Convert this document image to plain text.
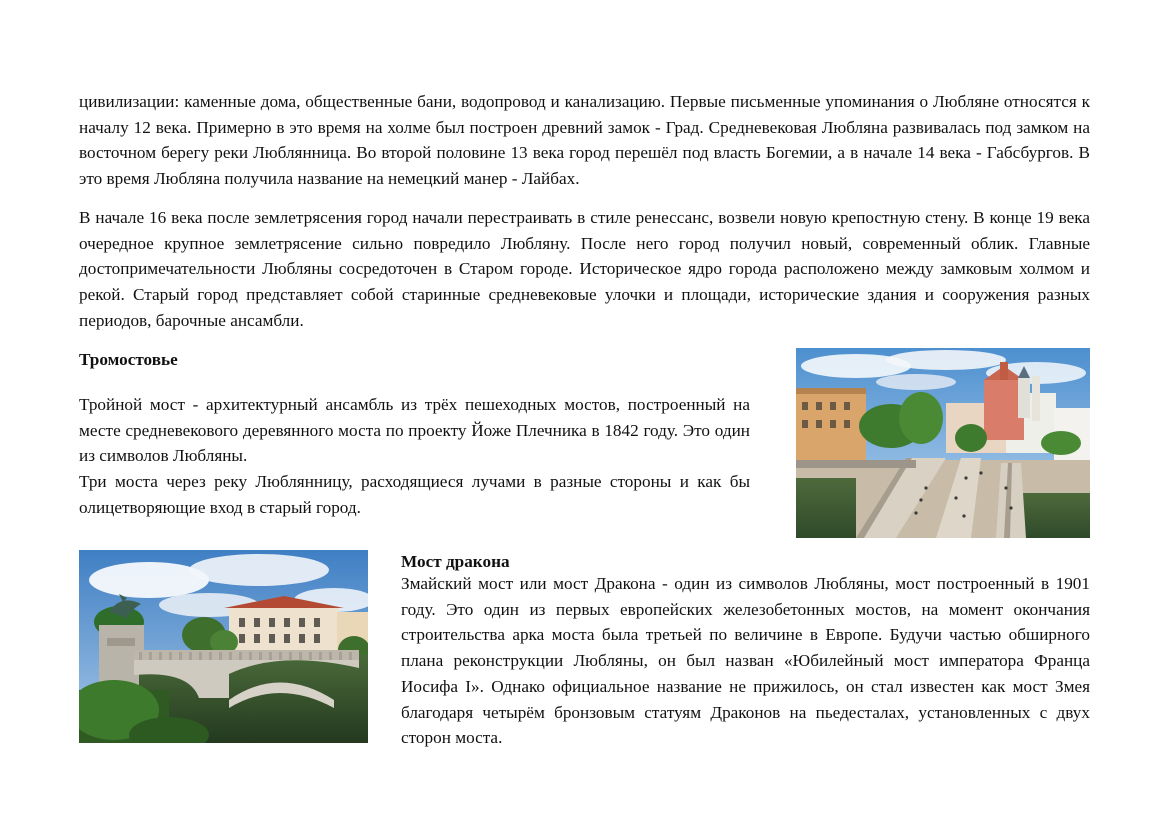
цивилизации: каменные дома, общественные бани, водопровод и канализацию. Первые письменные упоминания о Любляне относятся к началу 12 века. Примерно в это время на холме был построен древний замок - Град. Средневековая Любляна развивалась под замком на восточном берегу реки Люблянница. Во второй половине 13 века город перешёл под власть Богемии, а в начале 14 века - Габсбургов. В это время Любляна получила название на немецкий манер - Лайбах.

В начале 16 века после землетрясения город начали перестраивать в стиле ренессанс, возвели новую крепостную стену. В конце 19 века очередное крупное землетрясение сильно повредило Любляну. После него город получил новый, современный облик. Главные достопримечательности Любляны сосредоточен в Старом городе. Историческое ядро города расположено между замковым холмом и рекой. Старый город представляет собой старинные средневековые улочки и площади, исторические здания и сооружения разных периодов, барочные ансамбли.

Тромостовье

Тройной мост - архитектурный ансамбль из трёх пешеходных мостов, построенный на месте средневекового деревянного моста по проекту Йоже Плечника в 1842 году. Это один из символов Любляны.
Три моста через реку Люблянницу, расходящиеся лучами в разные стороны и как бы олицетворяющие вход в старый город.

Мост дракона

Змайский мост или мост Дракона - один из символов Любляны, мост построенный в 1901 году. Это один из первых европейских железобетонных мостов, на момент окончания строительства арка моста была третьей по величине в Европе. Будучи частью обширного плана реконструкции Любляны, он был назван «Юбилейный мост императора Франца Иосифа I». Однако официальное название не прижилось, он стал известен как мост Змея благодаря четырём бронзовым статуям Драконов на пьедесталах, установленных с двух сторон моста.
